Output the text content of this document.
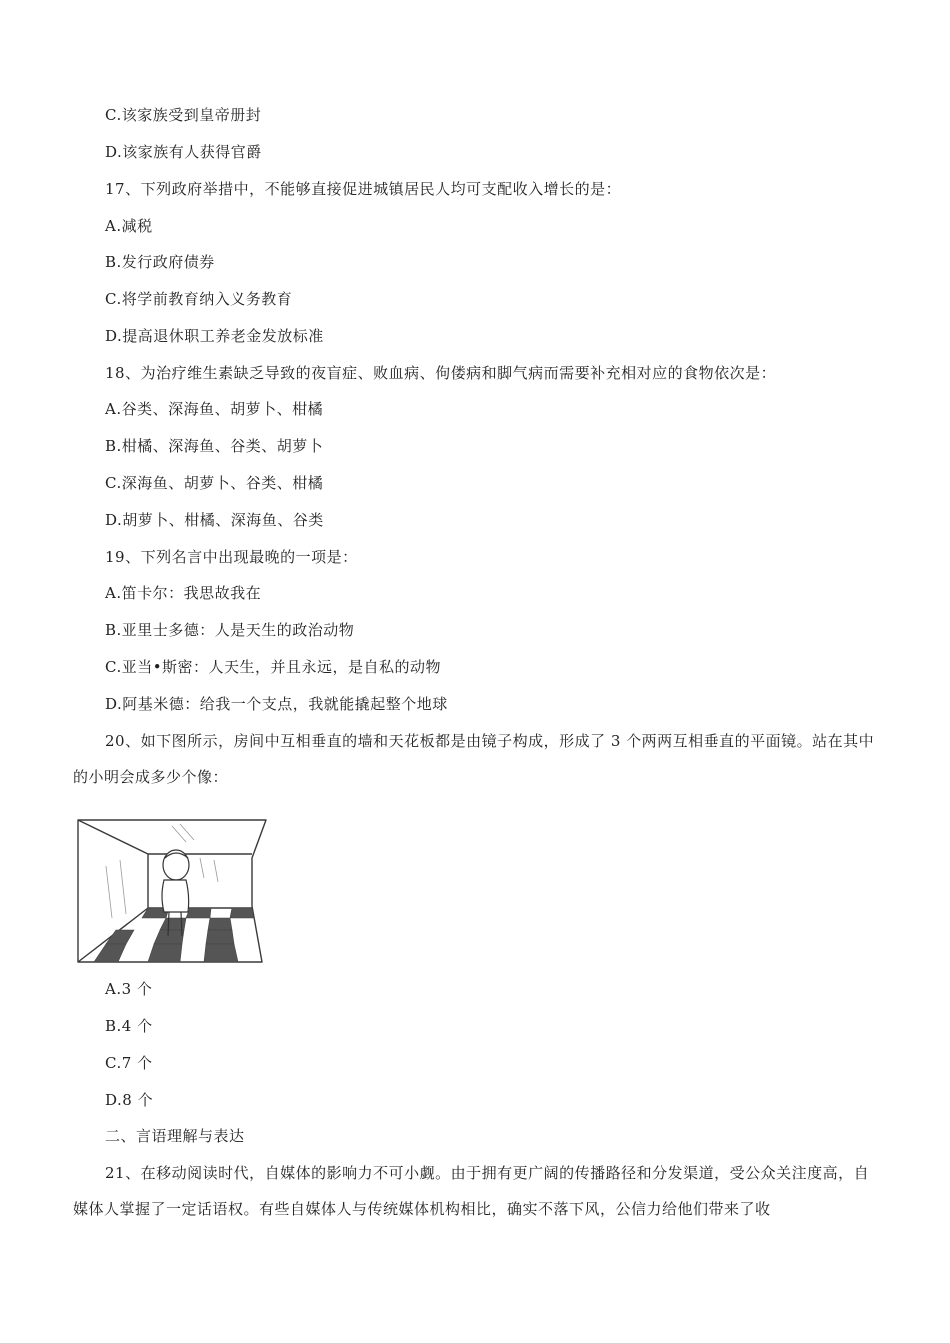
C.该家族受到皇帝册封
D.该家族有人获得官爵
17、下列政府举措中，不能够直接促进城镇居民人均可支配收入增长的是：
A.减税
B.发行政府债券
C.将学前教育纳入义务教育
D.提高退休职工养老金发放标准
18、为治疗维生素缺乏导致的夜盲症、败血病、佝偻病和脚气病而需要补充相对应的食物依次是：
A.谷类、深海鱼、胡萝卜、柑橘
B.柑橘、深海鱼、谷类、胡萝卜
C.深海鱼、胡萝卜、谷类、柑橘
D.胡萝卜、柑橘、深海鱼、谷类
19、下列名言中出现最晚的一项是：
A.笛卡尔：我思故我在
B.亚里士多德：人是天生的政治动物
C.亚当•斯密：人天生，并且永远，是自私的动物
D.阿基米德：给我一个支点，我就能撬起整个地球
20、如下图所示，房间中互相垂直的墙和天花板都是由镜子构成，形成了 3 个两两互相垂直的平面镜。站在其中的小明会成多少个像：
A.3 个
B.4 个
C.7 个
D.8 个
二、言语理解与表达
21、在移动阅读时代，自媒体的影响力不可小觑。由于拥有更广阔的传播路径和分发渠道，受公众关注度高，自媒体人掌握了一定话语权。有些自媒体人与传统媒体机构相比，确实不落下风，公信力给他们带来了收
